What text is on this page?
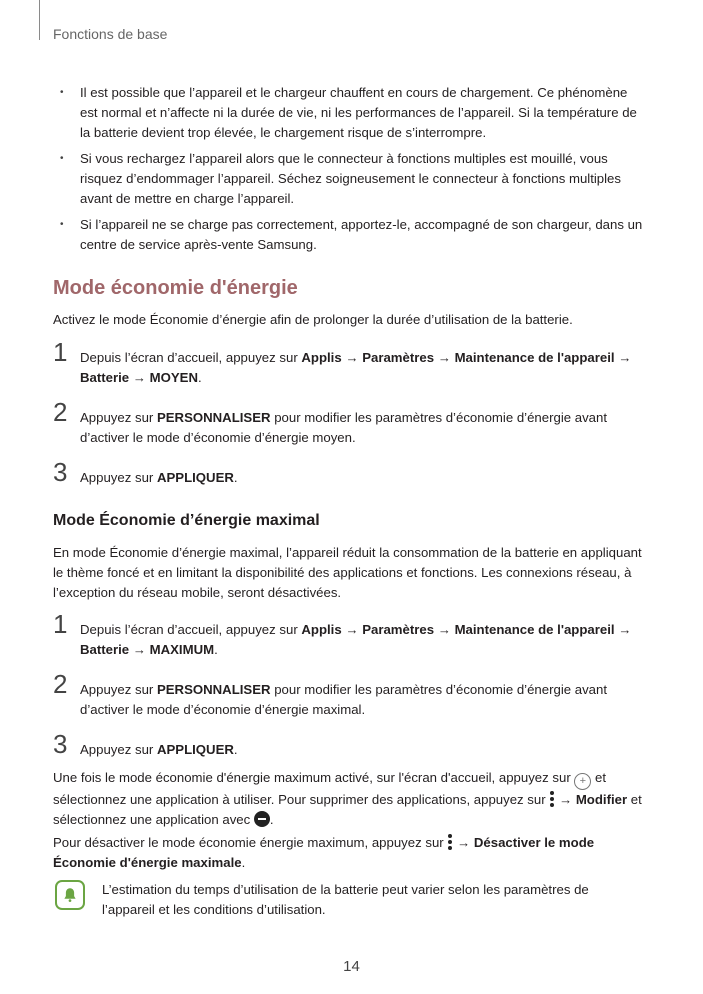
Fonctions de base
• Il est possible que l’appareil et le chargeur chauffent en cours de chargement. Ce phénomène est normal et n’affecte ni la durée de vie, ni les performances de l’appareil. Si la température de la batterie devient trop élevée, le chargement risque de s’interrompre.
• Si vous rechargez l’appareil alors que le connecteur à fonctions multiples est mouillé, vous risquez d’endommager l’appareil. Séchez soigneusement le connecteur à fonctions multiples avant de mettre en charge l’appareil.
• Si l’appareil ne se charge pas correctement, apportez-le, accompagné de son chargeur, dans un centre de service après-vente Samsung.
Mode économie d'énergie
Activez le mode Économie d’énergie afin de prolonger la durée d’utilisation de la batterie.
1 Depuis l’écran d’accueil, appuyez sur Applis → Paramètres → Maintenance de l'appareil → Batterie → MOYEN.
2 Appuyez sur PERSONNALISER pour modifier les paramètres d’économie d’énergie avant d’activer le mode d’économie d’énergie moyen.
3 Appuyez sur APPLIQUER.
Mode Économie d’énergie maximal
En mode Économie d’énergie maximal, l’appareil réduit la consommation de la batterie en appliquant le thème foncé et en limitant la disponibilité des applications et fonctions. Les connexions réseau, à l’exception du réseau mobile, seront désactivées.
1 Depuis l’écran d’accueil, appuyez sur Applis → Paramètres → Maintenance de l'appareil → Batterie → MAXIMUM.
2 Appuyez sur PERSONNALISER pour modifier les paramètres d’économie d’énergie avant d’activer le mode d’économie d’énergie maximal.
3 Appuyez sur APPLIQUER.
Une fois le mode économie d'énergie maximum activé, sur l'écran d'accueil, appuyez sur + et sélectionnez une application à utiliser. Pour supprimer des applications, appuyez sur
→ Modifier et sélectionnez une application avec .
Pour désactiver le mode économie énergie maximum, appuyez sur
→ Désactiver le mode Économie d'énergie maximale.
L’estimation du temps d’utilisation de la batterie peut varier selon les paramètres de l’appareil et les conditions d’utilisation.
14
